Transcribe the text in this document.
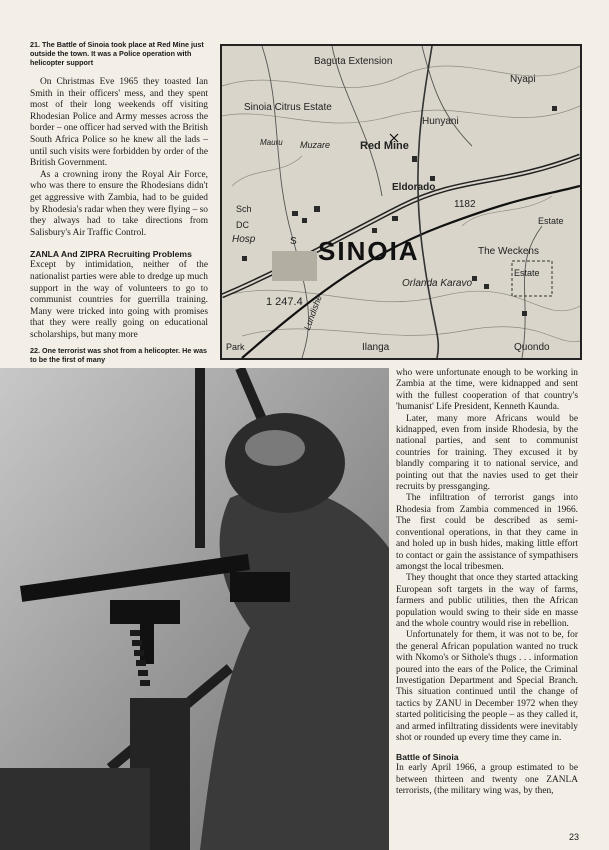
21. The Battle of Sinoia took place at Red Mine just outside the town. It was a Police operation with helicopter support

On Christmas Eve 1965 they toasted Ian Smith in their officers' mess, and they spent most of their long weekends off visiting Rhodesian Police and Army messes across the border – one officer had served with the British South Africa Police so he knew all the lads – until such visits were forbidden by order of the British Government.

As a crowning irony the Royal Air Force, who was there to ensure the Rhodesians didn't get aggressive with Zambia, had to be guided by Rhodesia's radar when they were flying – so they always had to take directions from Salisbury's Air Traffic Control.

ZANLA And ZIPRA Recruiting Problems

Except by intimidation, neither of the nationalist parties were able to dredge up much support in the way of volunteers to go to communist countries for guerrilla training. Many were tricked into going with promises that they were really going on educational scholarships, but many more

22. One terrorist was shot from a helicopter. He was to be the first of many

Baguta Extension
Nyapi
Sinoia Citrus Estate
Hunyani
Red Mine
Muzare
Mauru
Eldorado
1182
Estate
Sch
DC
Hosp	S SINOIA	The Weckens
Orlanda Karavo
Estate
1 247.4
Ilanga	Quondo
Park
Lundishe

who were unfortunate enough to be working in Zambia at the time, were kidnapped and sent with the fullest cooperation of that country's 'humanist' Life President, Kenneth Kaunda.

Later, many more Africans would be kidnapped, even from inside Rhodesia, by the national parties, and sent to communist countries for training. They excused it by blandly comparing it to national service, and pointing out that the navies used to get their recruits by pressganging.

The infiltration of terrorist gangs into Rhodesia from Zambia commenced in 1966. The first could be described as semi-conventional operations, in that they came in and holed up in bush hides, making little effort to contact or gain the assistance of sympathisers amongst the local tribesmen.

They thought that once they started attacking European soft targets in the way of farms, farmers and public utilities, then the African population would swing to their side en masse and the whole country would rise in rebellion.

Unfortunately for them, it was not to be, for the general African population wanted no truck with Nkomo's or Sithole's thugs . . . information poured into the ears of the Police, the Criminal Investigation Department and Special Branch. This situation continued until the change of tactics by ZANU in December 1972 when they started politicising the people – as they called it, and armed infiltrating dissidents were inevitably shot or rounded up every time they came in.

Battle of Sinoia

In early April 1966, a group estimated to be between thirteen and twenty one ZANLA terrorists, (the military wing was, by then,

23
